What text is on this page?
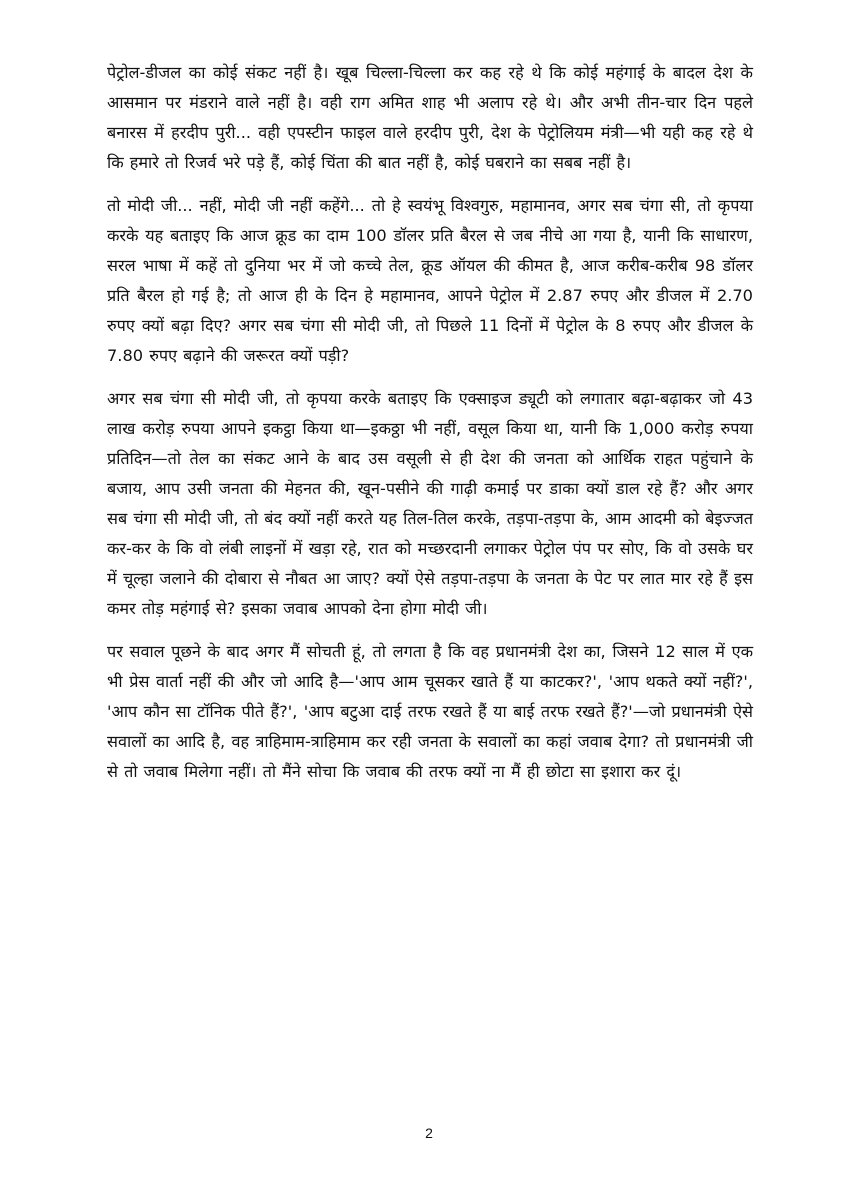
पेट्रोल-डीजल का कोई संकट नहीं है। खूब चिल्ला-चिल्ला कर कह रहे थे कि कोई महंगाई के बादल देश के आसमान पर मंडराने वाले नहीं है। वही राग अमित शाह भी अलाप रहे थे। और अभी तीन-चार दिन पहले बनारस में हरदीप पुरी... वही एपस्टीन फाइल वाले हरदीप पुरी, देश के पेट्रोलियम मंत्री—भी यही कह रहे थे कि हमारे तो रिजर्व भरे पड़े हैं, कोई चिंता की बात नहीं है, कोई घबराने का सबब नहीं है।

तो मोदी जी... नहीं, मोदी जी नहीं कहेंगे... तो हे स्वयंभू विश्वगुरु, महामानव, अगर सब चंगा सी, तो कृपया करके यह बताइए कि आज क्रूड का दाम 100 डॉलर प्रति बैरल से जब नीचे आ गया है, यानी कि साधारण, सरल भाषा में कहें तो दुनिया भर में जो कच्चे तेल, क्रूड ऑयल की कीमत है, आज करीब-करीब 98 डॉलर प्रति बैरल हो गई है; तो आज ही के दिन हे महामानव, आपने पेट्रोल में 2.87 रुपए और डीजल में 2.70 रुपए क्यों बढ़ा दिए? अगर सब चंगा सी मोदी जी, तो पिछले 11 दिनों में पेट्रोल के 8 रुपए और डीजल के 7.80 रुपए बढ़ाने की जरूरत क्यों पड़ी?

अगर सब चंगा सी मोदी जी, तो कृपया करके बताइए कि एक्साइज ड्यूटी को लगातार बढ़ा-बढ़ाकर जो 43 लाख करोड़ रुपया आपने इकट्ठा किया था—इकठ्ठा भी नहीं, वसूल किया था, यानी कि 1,000 करोड़ रुपया प्रतिदिन—तो तेल का संकट आने के बाद उस वसूली से ही देश की जनता को आर्थिक राहत पहुंचाने के बजाय, आप उसी जनता की मेहनत की, खून-पसीने की गाढ़ी कमाई पर डाका क्यों डाल रहे हैं? और अगर सब चंगा सी मोदी जी, तो बंद क्यों नहीं करते यह तिल-तिल करके, तड़पा-तड़पा के, आम आदमी को बेइज्जत कर-कर के कि वो लंबी लाइनों में खड़ा रहे, रात को मच्छरदानी लगाकर पेट्रोल पंप पर सोए, कि वो उसके घर में चूल्हा जलाने की दोबारा से नौबत आ जाए? क्यों ऐसे तड़पा-तड़पा के जनता के पेट पर लात मार रहे हैं इस कमर तोड़ महंगाई से? इसका जवाब आपको देना होगा मोदी जी।

पर सवाल पूछने के बाद अगर मैं सोचती हूं, तो लगता है कि वह प्रधानमंत्री देश का, जिसने 12 साल में एक भी प्रेस वार्ता नहीं की और जो आदि है—'आप आम चूसकर खाते हैं या काटकर?', 'आप थकते क्यों नहीं?', 'आप कौन सा टॉनिक पीते हैं?', 'आप बटुआ दाई तरफ रखते हैं या बाई तरफ रखते हैं?'—जो प्रधानमंत्री ऐसे सवालों का आदि है, वह त्राहिमाम-त्राहिमाम कर रही जनता के सवालों का कहां जवाब देगा? तो प्रधानमंत्री जी से तो जवाब मिलेगा नहीं। तो मैंने सोचा कि जवाब की तरफ क्यों ना मैं ही छोटा सा इशारा कर दूं।

2
